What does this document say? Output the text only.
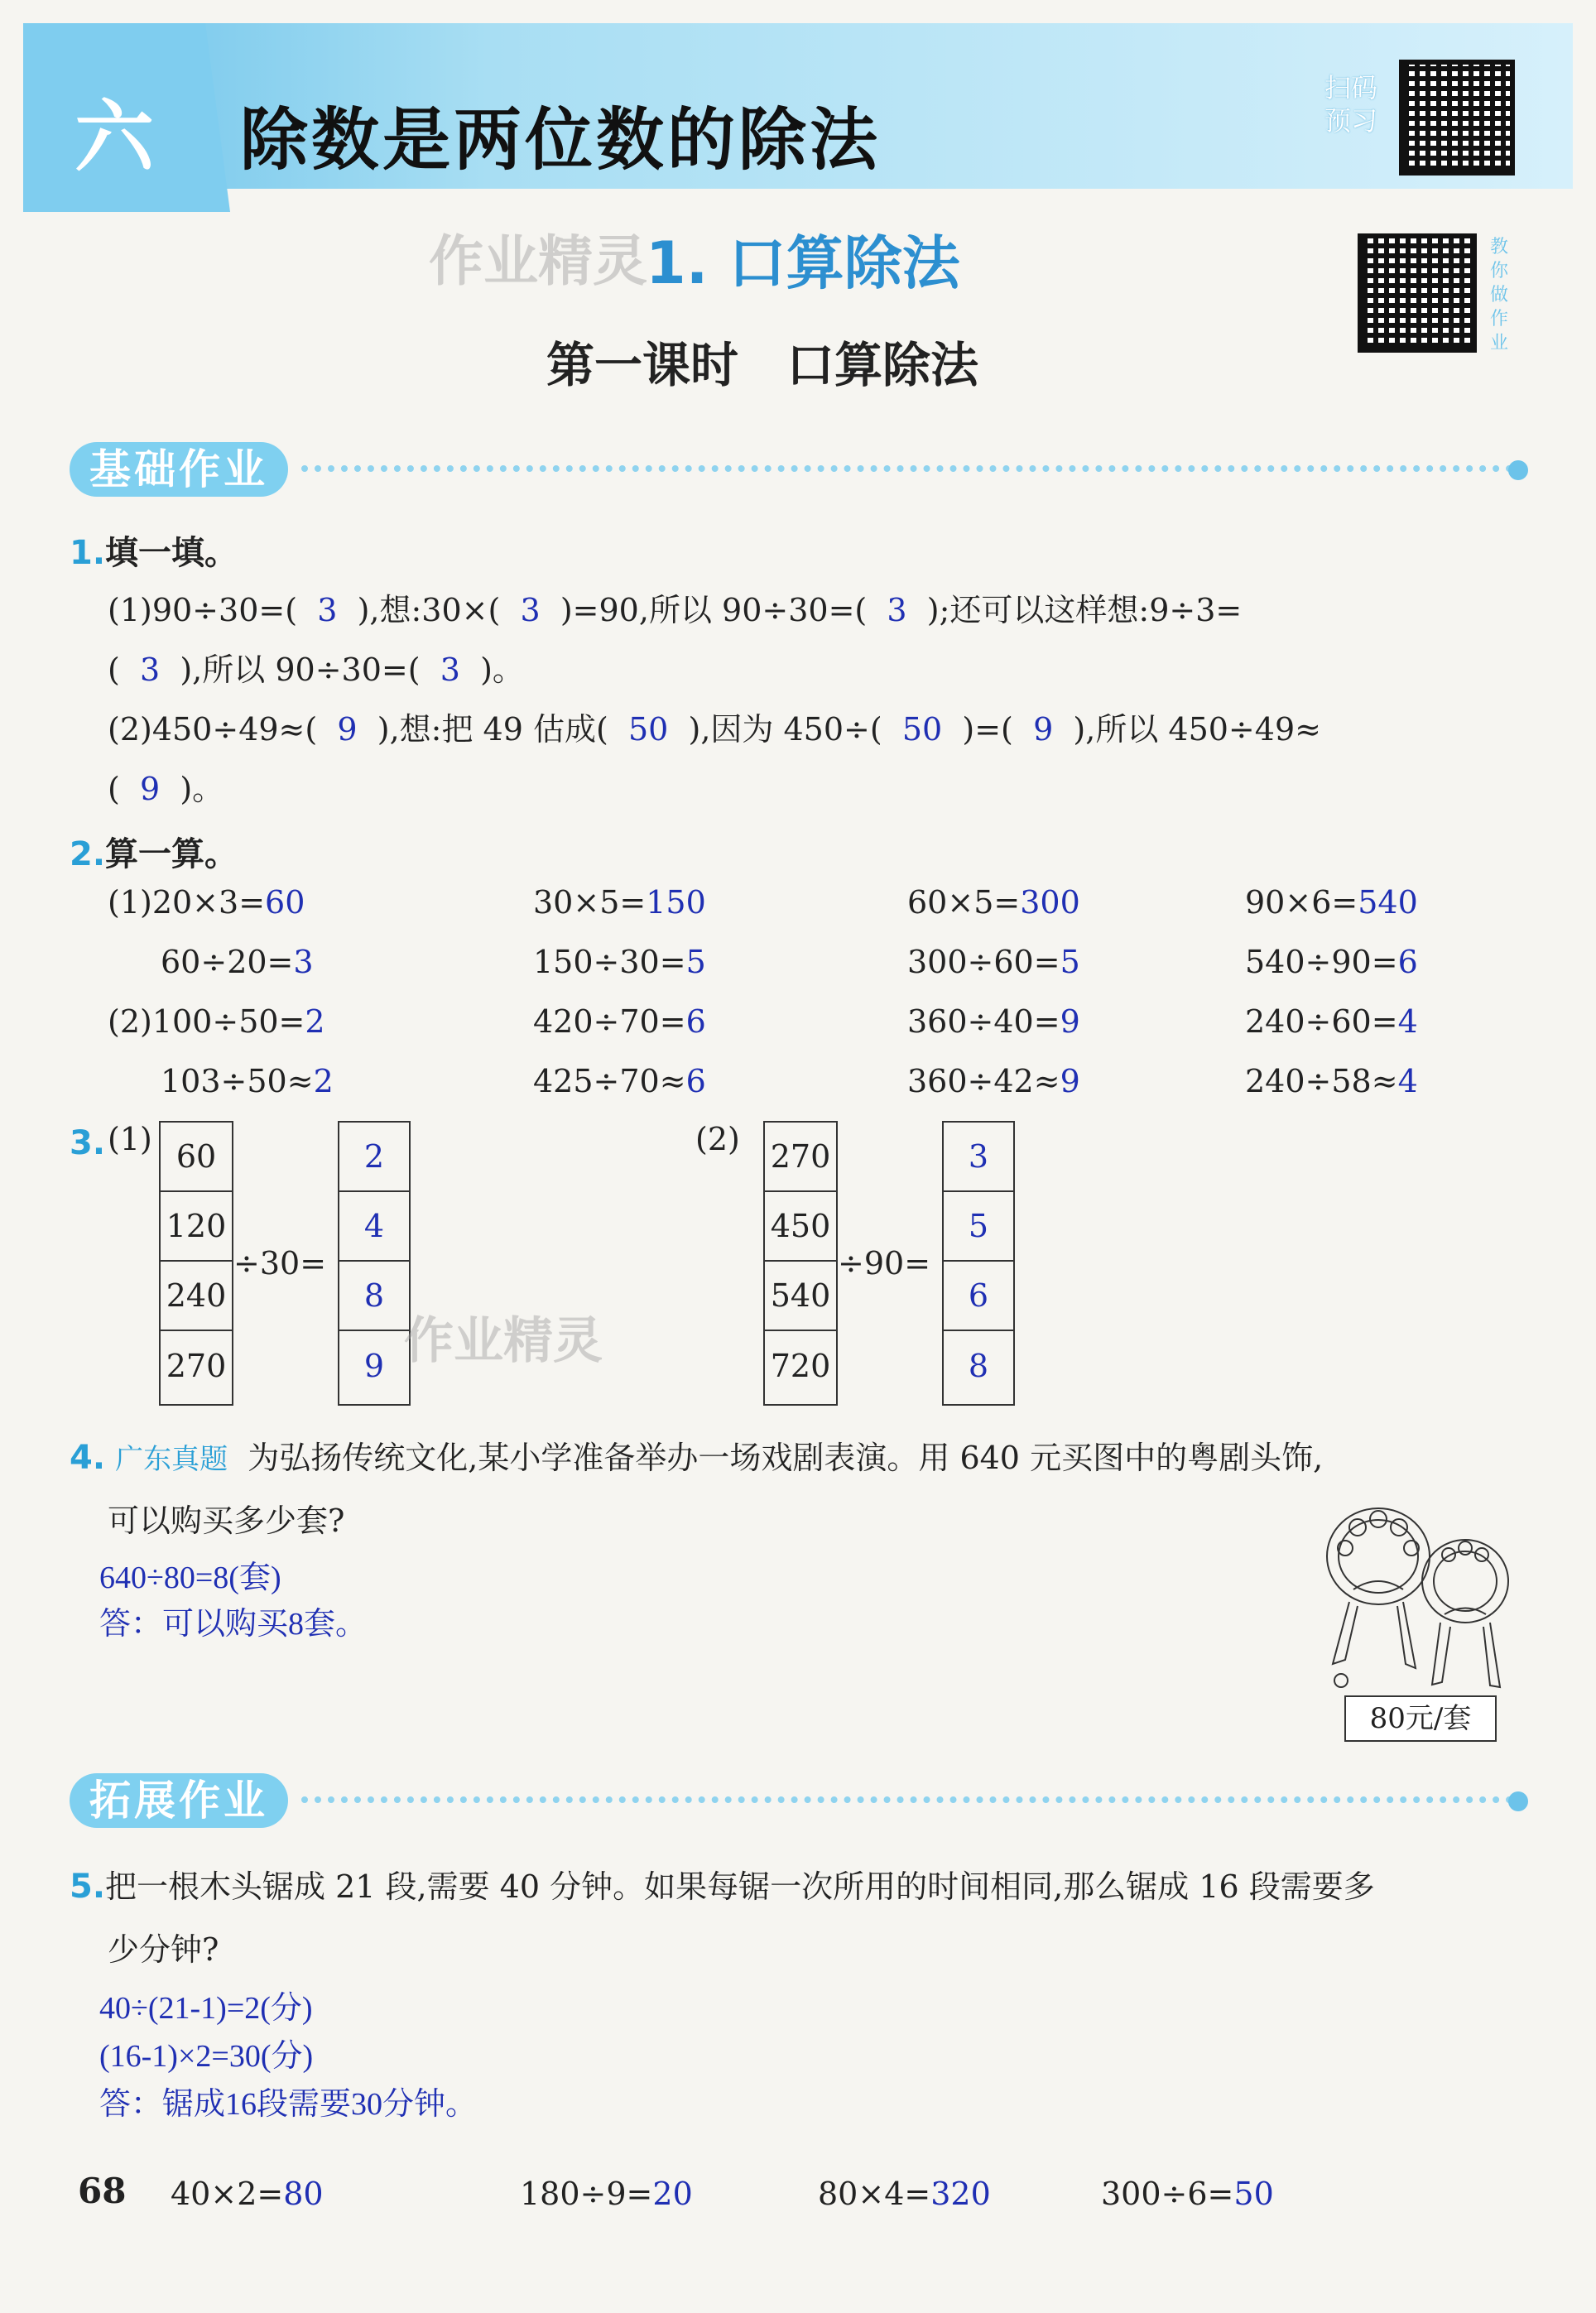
六 除数是两位数的除法
扫码
预习
作业精灵
1. 口算除法	教你做作业
第一课时　口算除法
基础作业
1.填一填。
(1)90÷30=( 3 ),想:30×( 3 )=90,所以 90÷30=( 3 );还可以这样想:9÷3=
( 3 ),所以 90÷30=( 3 )。
(2)450÷49≈( 9 ),想:把 49 估成( 50 ),因为 450÷( 50 )=( 9 ),所以 450÷49≈
( 9 )。
2.算一算。
(1)20×3=60	30×5=150	60×5=300	90×6=540
60÷20=3	150÷30=5	300÷60=5	540÷90=6
(2)100÷50=2	420÷70=6	360÷40=9	240÷60=4
103÷50≈2	425÷70≈6	360÷42≈9	240÷58≈4
3. (1) 60
120
240
270
÷30=
2
4
8
9 作业精灵
(2) 270
450
540
720
÷90=
3
5
6
8
4. 广东真题 为弘扬传统文化,某小学准备举办一场戏剧表演。用 640 元买图中的粤剧头饰,
可以购买多少套?
640÷80=8(套)
答：可以购买8套。
80元/套
拓展作业
5.把一根木头锯成 21 段,需要 40 分钟。如果每锯一次所用的时间相同,那么锯成 16 段需要多
少分钟?
40÷(21-1)=2(分)
(16-1)×2=30(分)
答：锯成16段需要30分钟。
68 40×2=80	180÷9=20	80×4=320	300÷6=50
